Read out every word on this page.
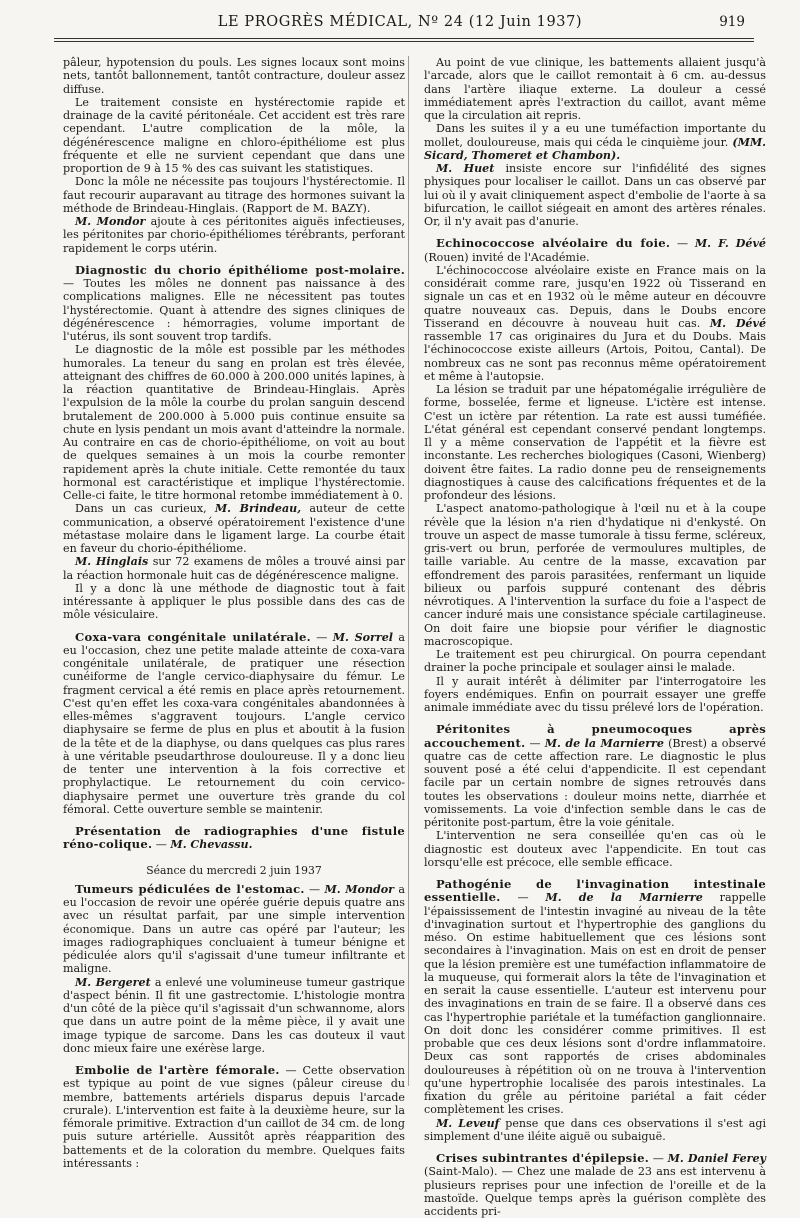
LE PROGRÈS MÉDICAL, Nº 24 (12 Juin 1937)	919

pâleur, hypotension du pouls. Les signes locaux sont moins nets, tantôt ballonnement, tantôt contracture, douleur assez diffuse.

Le traitement consiste en hystérectomie rapide et drainage de la cavité péritonéale. Cet accident est très rare cependant. L'autre complication de la môle, la dégénérescence maligne en chloro-épithéliome est plus fréquente et elle ne survient cependant que dans une proportion de 9 à 15 % des cas suivant les statistiques.

Donc la môle ne nécessite pas toujours l'hystérectomie. Il faut recourir auparavant au titrage des hormones suivant la méthode de Brindeau-Hinglais. (Rapport de M. BAZY).

M. Mondor ajoute à ces péritonites aiguës infectieuses, les péritonites par chorio-épithéliomes térébrants, perforant rapidement le corps utérin.

Diagnostic du chorio épithéliome post-molaire. — Toutes les môles ne donnent pas naissance à des complications malignes. Elle ne nécessitent pas toutes l'hystérectomie. Quant à attendre des signes cliniques de dégénérescence : hémorragies, volume important de l'utérus, ils sont souvent trop tardifs.

Le diagnostic de la môle est possible par les méthodes humorales. La teneur du sang en prolan est très élevée, atteignant des chiffres de 60.000 à 200.000 unités lapines, à la réaction quantitative de Brindeau-Hinglais. Après l'expulsion de la môle la courbe du prolan sanguin descend brutalement de 200.000 à 5.000 puis continue ensuite sa chute en lysis pendant un mois avant d'atteindre la normale. Au contraire en cas de chorio-épithéliome, on voit au bout de quelques semaines à un mois la courbe remonter rapidement après la chute initiale. Cette remontée du taux hormonal est caractéristique et implique l'hystérectomie. Celle-ci faite, le titre hormonal retombe immédiatement à 0.

Dans un cas curieux, M. Brindeau, auteur de cette communication, a observé opératoirement l'existence d'une métastase molaire dans le ligament large. La courbe était en faveur du chorio-épithéliome.

M. Hinglais sur 72 examens de môles a trouvé ainsi par la réaction hormonale huit cas de dégénérescence maligne.

Il y a donc là une méthode de diagnostic tout à fait intéressante à appliquer le plus possible dans des cas de môle vésiculaire.

Coxa-vara congénitale unilatérale. — M. Sorrel a eu l'occasion, chez une petite malade atteinte de coxa-vara congénitale unilatérale, de pratiquer une résection cunéiforme de l'angle cervico-diaphysaire du fémur. Le fragment cervical a été remis en place après retournement. C'est qu'en effet les coxa-vara congénitales abandonnées à elles-mêmes s'aggravent toujours. L'angle cervico diaphysaire se ferme de plus en plus et aboutit à la fusion de la tête et de la diaphyse, ou dans quelques cas plus rares à une véritable pseudarthrose douloureuse. Il y a donc lieu de tenter une intervention à la fois corrective et prophylactique. Le retournement du coin cervico-diaphysaire permet une ouverture très grande du col fémoral. Cette ouverture semble se maintenir.

Présentation de radiographies d'une fistule réno-colique. — M. Chevassu.

Séance du mercredi 2 juin 1937

Tumeurs pédiculées de l'estomac. — M. Mondor a eu l'occasion de revoir une opérée guérie depuis quatre ans avec un résultat parfait, par une simple intervention économique. Dans un autre cas opéré par l'auteur; les images radiographiques concluaient à tumeur bénigne et pédiculée alors qu'il s'agissait d'une tumeur infiltrante et maligne.

M. Bergeret a enlevé une volumineuse tumeur gastrique d'aspect bénin. Il fit une gastrectomie. L'histologie montra d'un côté de la pièce qu'il s'agissait d'un schwannome, alors que dans un autre point de la même pièce, il y avait une image typique de sarcome. Dans les cas douteux il vaut donc mieux faire une exérèse large.

Embolie de l'artère fémorale. — Cette observation est typique au point de vue signes (pâleur cireuse du membre, battements artériels disparus depuis l'arcade crurale). L'intervention est faite à la deuxième heure, sur la fémorale primitive. Extraction d'un caillot de 34 cm. de long puis suture artérielle. Aussitôt après réapparition des battements et de la coloration du membre. Quelques faits intéressants :

Au point de vue clinique, les battements allaient jusqu'à l'arcade, alors que le caillot remontait à 6 cm. au-dessus dans l'artère iliaque externe. La douleur a cessé immédiatement après l'extraction du caillot, avant même que la circulation ait repris.

Dans les suites il y a eu une tuméfaction importante du mollet, douloureuse, mais qui céda le cinquième jour. (MM. Sicard, Thomeret et Chambon).

M. Huet insiste encore sur l'infidélité des signes physiques pour localiser le caillot. Dans un cas observé par lui où il y avait cliniquement aspect d'embolie de l'aorte à sa bifurcation, le caillot siégeait en amont des artères rénales. Or, il n'y avait pas d'anurie.

Echinococcose alvéolaire du foie. — M. F. Dévé (Rouen) invité de l'Académie.

L'échinococcose alvéolaire existe en France mais on la considérait comme rare, jusqu'en 1922 où Tisserand en signale un cas et en 1932 où le même auteur en découvre quatre nouveaux cas. Depuis, dans le Doubs encore Tisserand en découvre à nouveau huit cas. M. Dévé rassemble 17 cas originaires du Jura et du Doubs. Mais l'échinococcose existe ailleurs (Artois, Poitou, Cantal). De nombreux cas ne sont pas reconnus même opératoirement et même à l'autopsie.

La lésion se traduit par une hépatomégalie irrégulière de forme, bosselée, ferme et ligneuse. L'ictère est intense. C'est un ictère par rétention. La rate est aussi tuméfiée. L'état général est cependant conservé pendant longtemps. Il y a même conservation de l'appétit et la fièvre est inconstante. Les recherches biologiques (Casoni, Wienberg) doivent être faites. La radio donne peu de renseignements diagnostiques à cause des calcifications fréquentes et de la profondeur des lésions.

L'aspect anatomo-pathologique à l'œil nu et à la coupe révèle que la lésion n'a rien d'hydatique ni d'enkysté. On trouve un aspect de masse tumorale à tissu ferme, scléreux, gris-vert ou brun, perforée de vermoulures multiples, de taille variable. Au centre de la masse, excavation par effondrement des parois parasitées, renfermant un liquide bilieux ou parfois suppuré contenant des débris névrotiques. A l'intervention la surface du foie a l'aspect de cancer induré mais une consistance spéciale cartilagineuse. On doit faire une biopsie pour vérifier le diagnostic macroscopique.

Le traitement est peu chirurgical. On pourra cependant drainer la poche principale et soulager ainsi le malade.

Il y aurait intérêt à délimiter par l'interrogatoire les foyers endémiques. Enfin on pourrait essayer une greffe animale immédiate avec du tissu prélevé lors de l'opération.

Péritonites à pneumocoques après accouchement. — M. de la Marnierre (Brest) a observé quatre cas de cette affection rare. Le diagnostic le plus souvent posé a été celui d'appendicite. Il est cependant facile par un certain nombre de signes retrouvés dans toutes les observations : douleur moins nette, diarrhée et vomissements. La voie d'infection semble dans le cas de péritonite post-partum, être la voie génitale.

L'intervention ne sera conseillée qu'en cas où le diagnostic est douteux avec l'appendicite. En tout cas lorsqu'elle est précoce, elle semble efficace.

Pathogénie de l'invagination intestinale essentielle. — M. de la Marnierre rappelle l'épaississement de l'intestin invaginé au niveau de la tête d'invagination surtout et l'hypertrophie des ganglions du méso. On estime habituellement que ces lésions sont secondaires à l'invagination. Mais on est en droit de penser que la lésion première est une tuméfaction inflammatoire de la muqueuse, qui formerait alors la tête de l'invagination et en serait la cause essentielle. L'auteur est intervenu pour des invaginations en train de se faire. Il a observé dans ces cas l'hypertrophie pariétale et la tuméfaction ganglionnaire. On doit donc les considérer comme primitives. Il est probable que ces deux lésions sont d'ordre inflammatoire. Deux cas sont rapportés de crises abdominales douloureuses à répétition où on ne trouva à l'intervention qu'une hypertrophie localisée des parois intestinales. La fixation du grêle au péritoine pariétal a fait céder complètement les crises.

M. Leveuf pense que dans ces observations il s'est agi simplement d'une iléite aiguë ou subaiguë.

Crises subintrantes d'épilepsie. — M. Daniel Ferey (Saint-Malo). — Chez une malade de 23 ans est intervenu à plusieurs reprises pour une infection de l'oreille et de la mastoïde. Quelque temps après la guérison complète des accidents pri-
